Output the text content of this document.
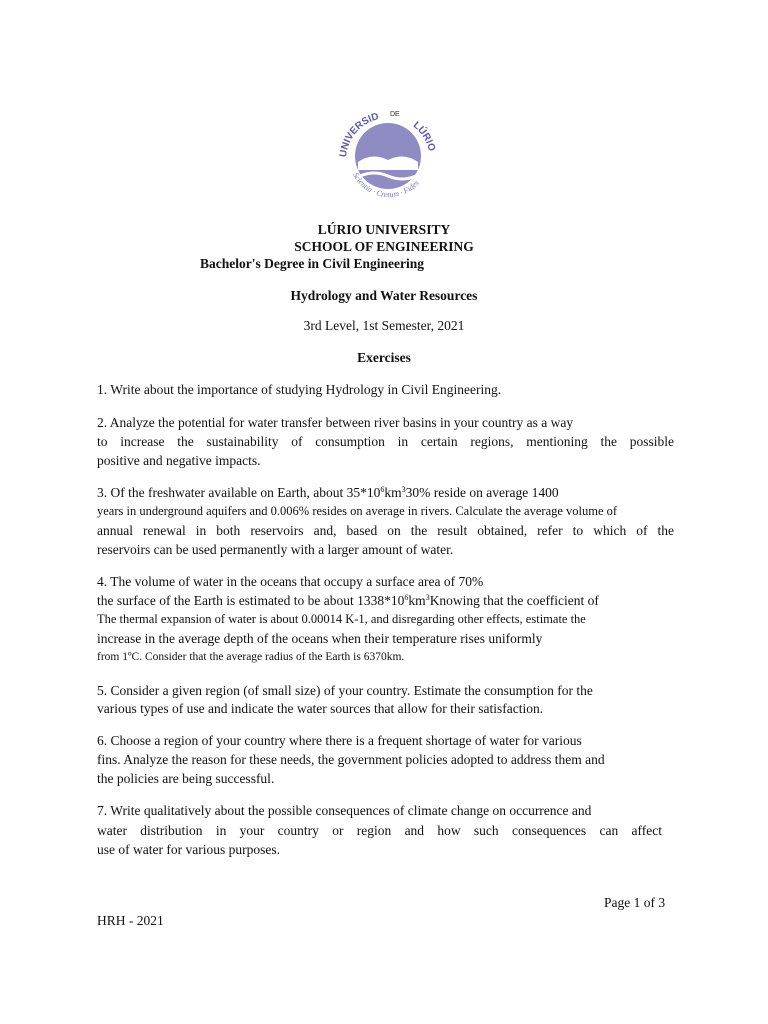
UNIVERSID DE
LÚRIO
Scientia · Cretum · Fides
LÚRIO UNIVERSITY
SCHOOL OF ENGINEERING
Bachelor's Degree in Civil Engineering
Hydrology and Water Resources
3rd Level, 1st Semester, 2021
Exercises
1. Write about the importance of studying Hydrology in Civil Engineering.
2. Analyze the potential for water transfer between river basins in your country as a way
to increase the sustainability of consumption in certain regions, mentioning the possible
positive and negative impacts.
3. Of the freshwater available on Earth, about $35*10^6km^330\%$ reside on average 1400
years in underground aquifers and 0.006% resides on average in rivers. Calculate the average volume of
annual renewal in both reservoirs and, based on the result obtained, refer to which of the
reservoirs can be used permanently with a larger amount of water.
4. The volume of water in the oceans that occupy a surface area of 70%
the surface of the Earth is estimated to be about $1338*10^6km^3Knowing$ that the coefficient of
The thermal expansion of water is about 0.00014 K-1, and disregarding other effects, estimate the
increase in the average depth of the oceans when their temperature rises uniformly
from 1ºC. Consider that the average radius of the Earth is 6370km.
5. Consider a given region (of small size) of your country. Estimate the consumption for the
various types of use and indicate the water sources that allow for their satisfaction.
6. Choose a region of your country where there is a frequent shortage of water for various
fins. Analyze the reason for these needs, the government policies adopted to address them and
the policies are being successful.
7. Write qualitatively about the possible consequences of climate change on occurrence and
water distribution in your country or region and how such consequences can affect
use of water for various purposes.
Page 1 of 3
HRH - 2021
